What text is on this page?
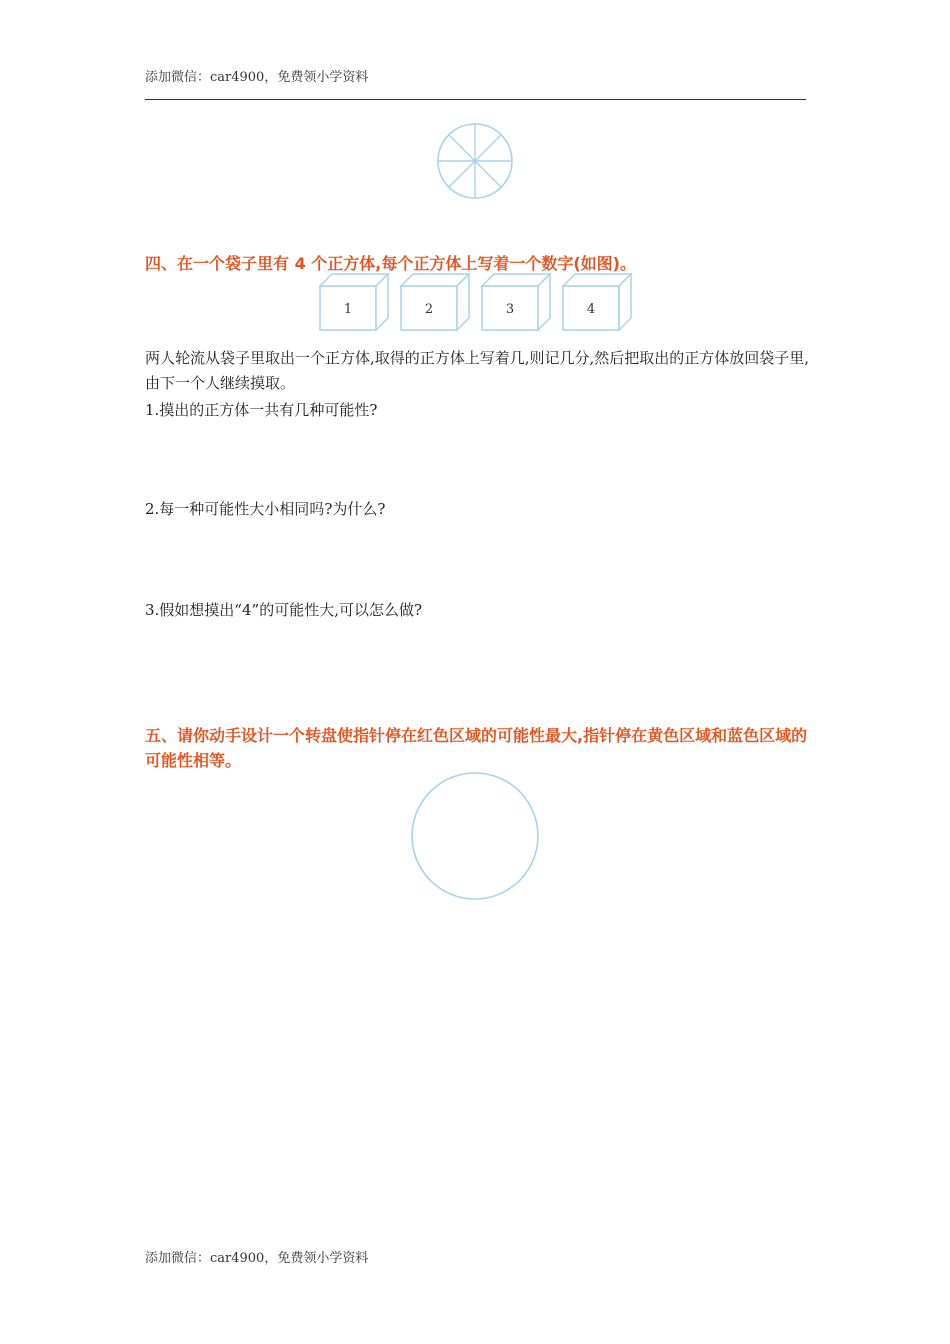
添加微信：car4900，免费领小学资料
四、在一个袋子里有 4 个正方体,每个正方体上写着一个数字(如图)。
1	2	3	4
两人轮流从袋子里取出一个正方体,取得的正方体上写着几,则记几分,然后把取出的正方体放回袋子里,由下一个人继续摸取。
1.摸出的正方体一共有几种可能性?
2.每一种可能性大小相同吗?为什么?
3.假如想摸出“4”的可能性大,可以怎么做?
五、请你动手设计一个转盘使指针停在红色区域的可能性最大,指针停在黄色区域和蓝色区域的可能性相等。
添加微信：car4900，免费领小学资料
